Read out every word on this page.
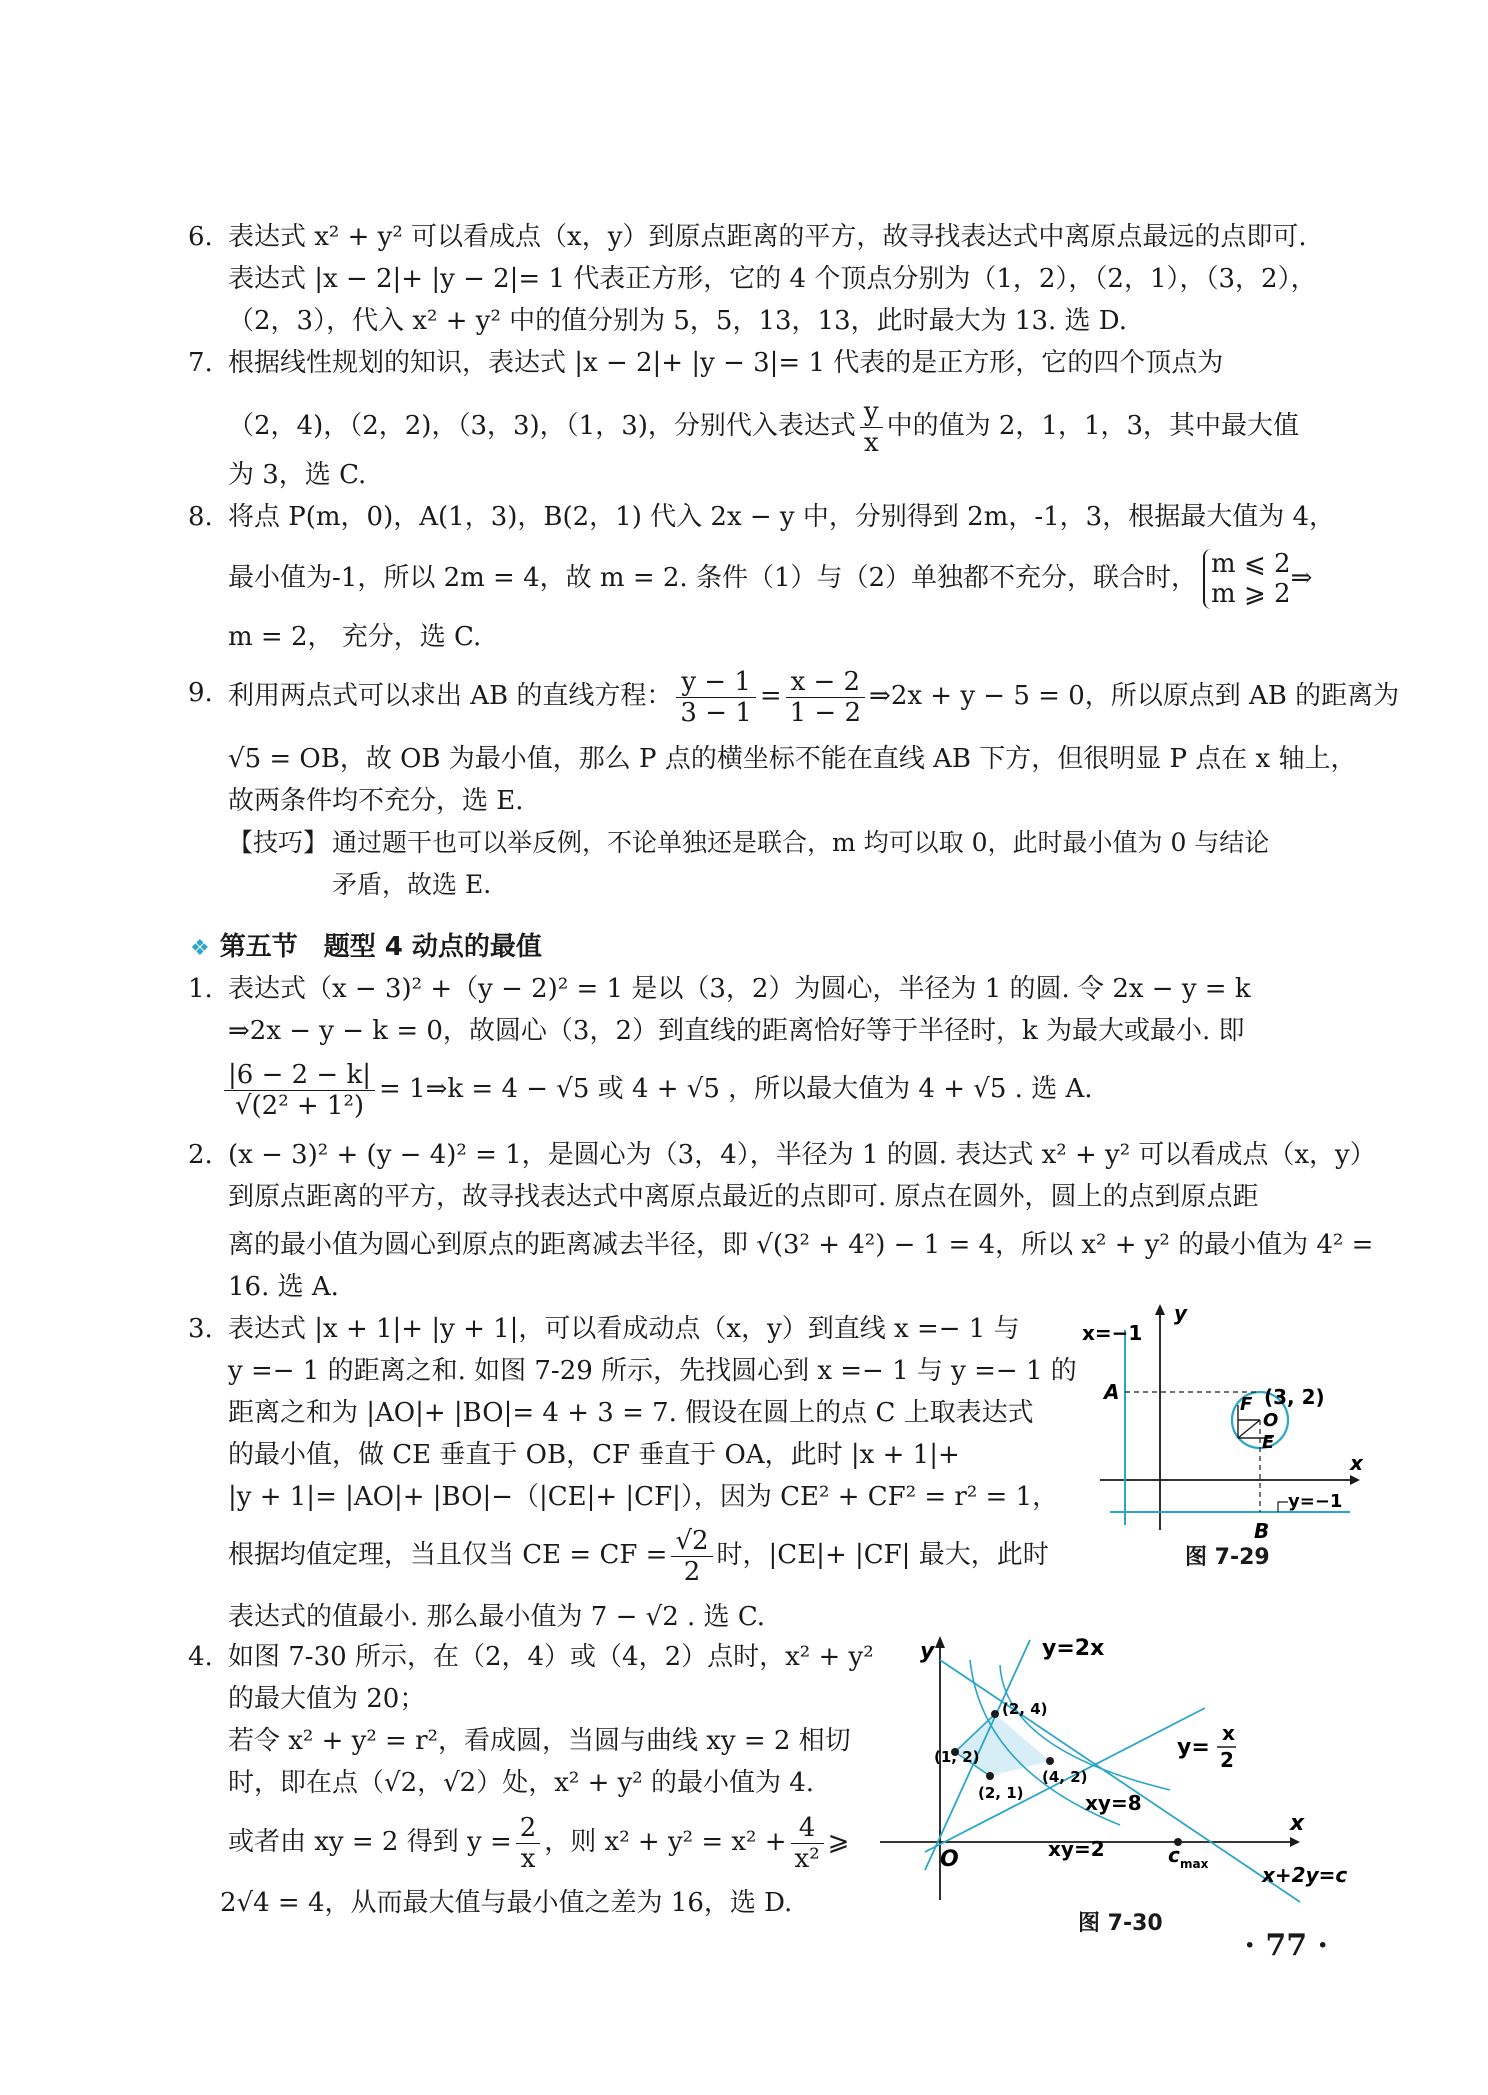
6. 表达式 x² + y² 可以看成点（x，y）到原点距离的平方，故寻找表达式中离原点最远的点即可.
表达式 |x − 2|+ |y − 2|= 1 代表正方形，它的 4 个顶点分别为（1，2），（2，1），（3，2），
（2，3），代入 x² + y² 中的值分别为 5，5，13，13，此时最大为 13. 选 D.
7. 根据线性规划的知识，表达式 |x − 2|+ |y − 3|= 1 代表的是正方形，它的四个顶点为
（2，4)，（2，2)，（3，3)，（1，3)，分别代入表达式 $\frac{y}{x}$ 中的值为 2，1，1，3，其中最大值
为 3，选 C.
8. 将点 P(m，0)，A(1，3)，B(2，1) 代入 2x − y 中，分别得到 2m，-1，3，根据最大值为 4，
最小值为-1，所以 2m = 4，故 m = 2. 条件（1）与（2）单独都不充分，联合时， m ⩽ 2
m ⩾ 2
⇒
m = 2， 充分，选 C.
9. 利用两点式可以求出 AB 的直线方程： $\frac{y - 1}{3 - 1} = \frac{x - 2}{1 - 2}$ ⇒2x + y − 5 = 0，所以原点到 AB 的距离为
√5 = OB，故 OB 为最小值，那么 P 点的横坐标不能在直线 AB 下方，但很明显 P 点在 x 轴上，
故两条件均不充分，选 E.
【技巧】 通过题干也可以举反例，不论单独还是联合，m 均可以取 0，此时最小值为 0 与结论
矛盾，故选 E.
❖ 第五节　题型 4 动点的最值
1. 表达式（x − 3)² +（y − 2)² = 1 是以（3，2）为圆心，半径为 1 的圆. 令 2x − y = k
⇒2x − y − k = 0，故圆心（3，2）到直线的距离恰好等于半径时，k 为最大或最小. 即
$\frac{|6 - 2 - k|}{\text{√(2² + 1²)}}$ = 1⇒k = 4 − √5 或 4 + √5 ，所以最大值为 4 + √5 . 选 A.
2. (x − 3)² + (y − 4)² = 1，是圆心为（3，4），半径为 1 的圆. 表达式 x² + y² 可以看成点（x，y）
到原点距离的平方，故寻找表达式中离原点最近的点即可. 原点在圆外，圆上的点到原点距
离的最小值为圆心到原点的距离减去半径，即 √(3² + 4²) − 1 = 4，所以 x² + y² 的最小值为 4² =
16. 选 A.
3. 表达式 |x + 1|+ |y + 1|，可以看成动点（x，y）到直线 x =− 1 与
y =− 1 的距离之和. 如图 7-29 所示，先找圆心到 x =− 1 与 y =− 1 的
距离之和为 |AO|+ |BO|= 4 + 3 = 7. 假设在圆上的点 C 上取表达式
的最小值，做 CE 垂直于 OB，CF 垂直于 OA，此时 |x + 1|+
|y + 1|= |AO|+ |BO|−（|CE|+ |CF|），因为 CE² + CF² = r² = 1，
根据均值定理，当且仅当 CE = CF = $\frac{√2}{2}$ 时，|CE|+ |CF| 最大，此时
表达式的值最小. 那么最小值为 7 − √2 . 选 C.
4. 如图 7-30 所示，在（2，4）或（4，2）点时，x² + y²
的最大值为 20；
若令 x² + y² = r²，看成圆，当圆与曲线 xy = 2 相切
时，即在点（√2，√2）处，x² + y² 的最小值为 4.
或者由 xy = 2 得到 $y = \frac{2}{x}$ ，则 $x^2 + y^2 = x^2 + \frac{4}{\text{x²}}$ ⩾
2√4 = 4，从而最大值与最小值之差为 16，选 D.
x=−1
y
x
A
B
F
O
E
(3, 2)
y=−1
图 7-29
y
x
O
y=2x
y=
x
2
xy=8
xy=2	c max	x+2y=c
(2, 4)
(1, 2)
(4, 2)
(2, 1)
图 7-30
· 77 ·
